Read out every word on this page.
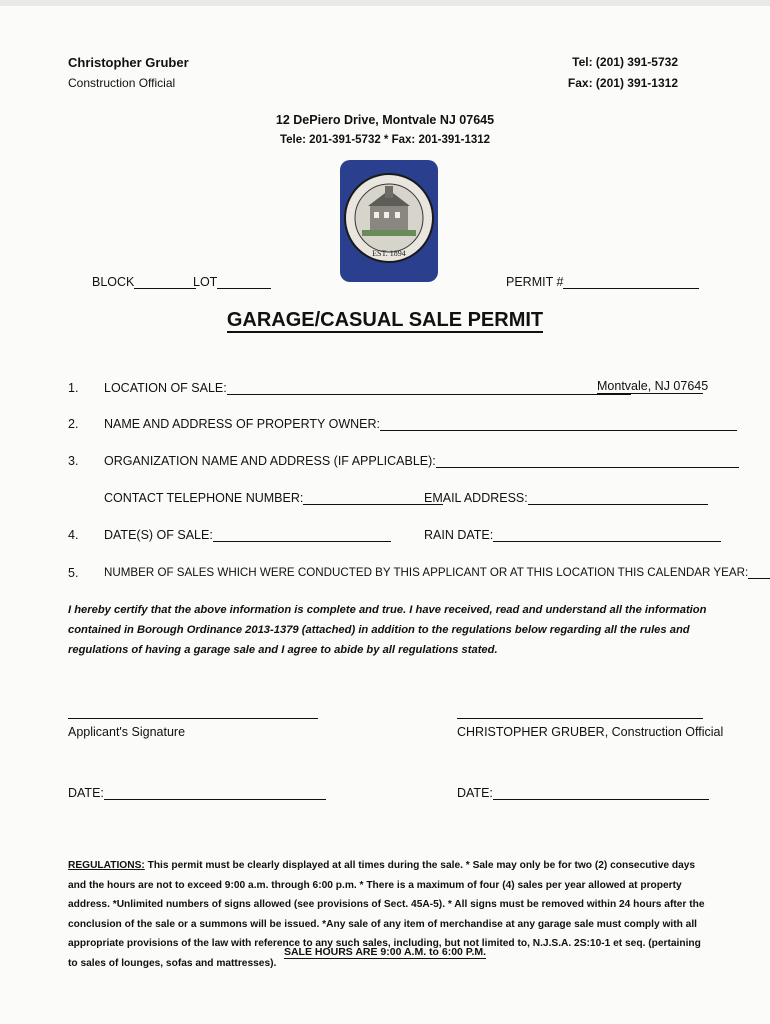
Christopher Gruber
Construction Official
Tel: (201) 391-5732
Fax: (201) 391-1312
12 DePiero Drive, Montvale NJ 07645
Tele: 201-391-5732 * Fax: 201-391-1312
EST. 1894
BLOCK	LOT	PERMIT #
GARAGE/CASUAL SALE PERMIT
1. LOCATION OF SALE:	Montvale, NJ 07645
2. NAME AND ADDRESS OF PROPERTY OWNER:
3. ORGANIZATION NAME AND ADDRESS (IF APPLICABLE):
CONTACT TELEPHONE NUMBER:	EMAIL ADDRESS:
4. DATE(S) OF SALE:	RAIN DATE:
5. NUMBER OF SALES WHICH WERE CONDUCTED BY THIS APPLICANT OR AT THIS LOCATION THIS CALENDAR YEAR:
I hereby certify that the above information is complete and true. I have received, read and understand all the information contained in Borough Ordinance 2013-1379 (attached) in addition to the regulations below regarding all the rules and regulations of having a garage sale and I agree to abide by all regulations stated.
Applicant's Signature	CHRISTOPHER GRUBER, Construction Official
DATE:	DATE:
REGULATIONS: This permit must be clearly displayed at all times during the sale. * Sale may only be for two (2) consecutive days and the hours are not to exceed 9:00 a.m. through 6:00 p.m. * There is a maximum of four (4) sales per year allowed at property address. *Unlimited numbers of signs allowed (see provisions of Sect. 45A-5). * All signs must be removed within 24 hours after the conclusion of the sale or a summons will be issued. *Any sale of any item of merchandise at any garage sale must comply with all appropriate provisions of the law with reference to any such sales, including, but not limited to, N.J.S.A. 2S:10-1 et seq. (pertaining to sales of lounges, sofas and mattresses).
SALE HOURS ARE 9:00 A.M. to 6:00 P.M.
